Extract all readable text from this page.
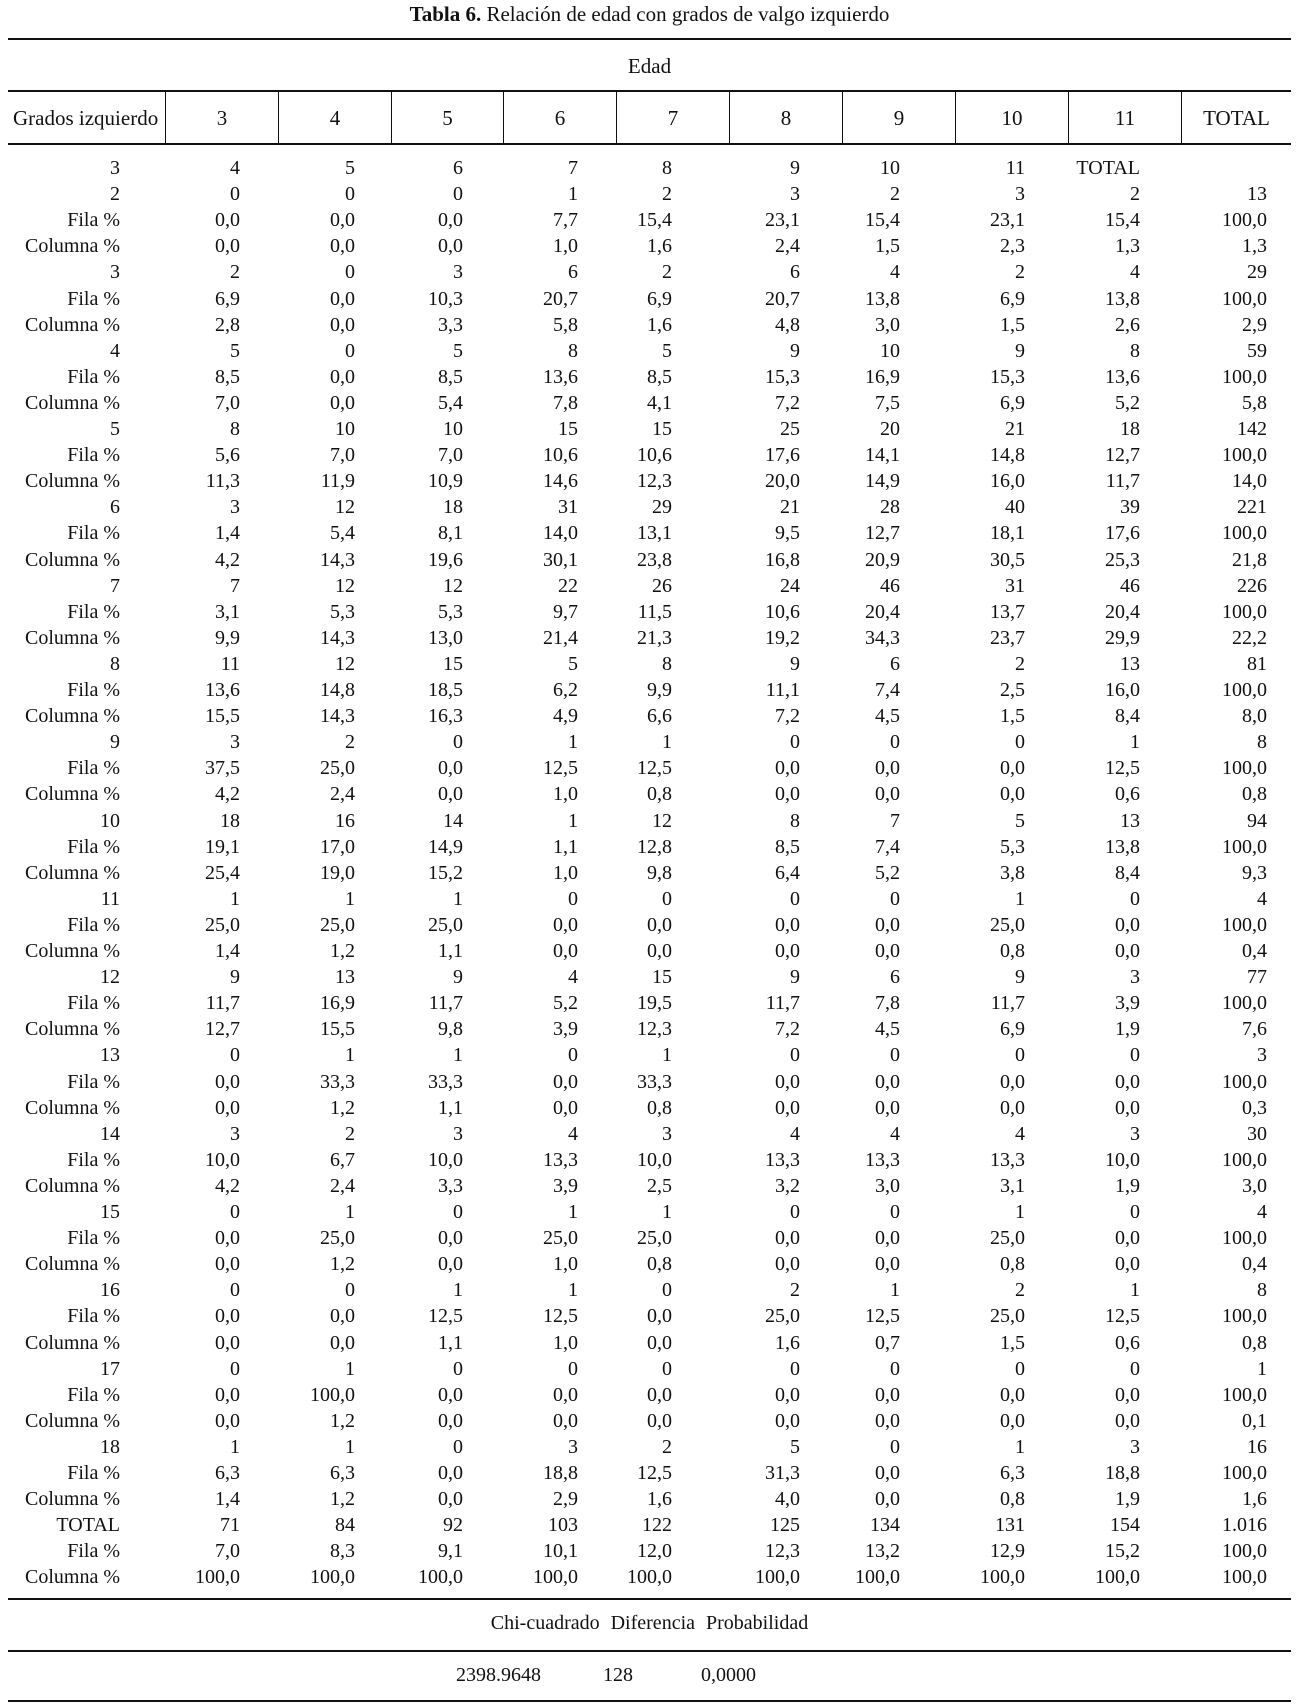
Tabla 6. Relación de edad con grados de valgo izquierdo
Edad
Grados izquierdo	3	4	5	6	7	8	9	10	11	TOTAL
3	4	5	6	7	8	9	10	11	TOTAL
2	0	0	0	1	2	3	2	3	2	13
Fila %	0,0	0,0	0,0	7,7	15,4	23,1	15,4	23,1	15,4	100,0
Columna %	0,0	0,0	0,0	1,0	1,6	2,4	1,5	2,3	1,3	1,3
3	2	0	3	6	2	6	4	2	4	29
Fila %	6,9	0,0	10,3	20,7	6,9	20,7	13,8	6,9	13,8	100,0
Columna %	2,8	0,0	3,3	5,8	1,6	4,8	3,0	1,5	2,6	2,9
4	5	0	5	8	5	9	10	9	8	59
Fila %	8,5	0,0	8,5	13,6	8,5	15,3	16,9	15,3	13,6	100,0
Columna %	7,0	0,0	5,4	7,8	4,1	7,2	7,5	6,9	5,2	5,8
5	8	10	10	15	15	25	20	21	18	142
Fila %	5,6	7,0	7,0	10,6	10,6	17,6	14,1	14,8	12,7	100,0
Columna %	11,3	11,9	10,9	14,6	12,3	20,0	14,9	16,0	11,7	14,0
6	3	12	18	31	29	21	28	40	39	221
Fila %	1,4	5,4	8,1	14,0	13,1	9,5	12,7	18,1	17,6	100,0
Columna %	4,2	14,3	19,6	30,1	23,8	16,8	20,9	30,5	25,3	21,8
7	7	12	12	22	26	24	46	31	46	226
Fila %	3,1	5,3	5,3	9,7	11,5	10,6	20,4	13,7	20,4	100,0
Columna %	9,9	14,3	13,0	21,4	21,3	19,2	34,3	23,7	29,9	22,2
8	11	12	15	5	8	9	6	2	13	81
Fila %	13,6	14,8	18,5	6,2	9,9	11,1	7,4	2,5	16,0	100,0
Columna %	15,5	14,3	16,3	4,9	6,6	7,2	4,5	1,5	8,4	8,0
9	3	2	0	1	1	0	0	0	1	8
Fila %	37,5	25,0	0,0	12,5	12,5	0,0	0,0	0,0	12,5	100,0
Columna %	4,2	2,4	0,0	1,0	0,8	0,0	0,0	0,0	0,6	0,8
10	18	16	14	1	12	8	7	5	13	94
Fila %	19,1	17,0	14,9	1,1	12,8	8,5	7,4	5,3	13,8	100,0
Columna %	25,4	19,0	15,2	1,0	9,8	6,4	5,2	3,8	8,4	9,3
11	1	1	1	0	0	0	0	1	0	4
Fila %	25,0	25,0	25,0	0,0	0,0	0,0	0,0	25,0	0,0	100,0
Columna %	1,4	1,2	1,1	0,0	0,0	0,0	0,0	0,8	0,0	0,4
12	9	13	9	4	15	9	6	9	3	77
Fila %	11,7	16,9	11,7	5,2	19,5	11,7	7,8	11,7	3,9	100,0
Columna %	12,7	15,5	9,8	3,9	12,3	7,2	4,5	6,9	1,9	7,6
13	0	1	1	0	1	0	0	0	0	3
Fila %	0,0	33,3	33,3	0,0	33,3	0,0	0,0	0,0	0,0	100,0
Columna %	0,0	1,2	1,1	0,0	0,8	0,0	0,0	0,0	0,0	0,3
14	3	2	3	4	3	4	4	4	3	30
Fila %	10,0	6,7	10,0	13,3	10,0	13,3	13,3	13,3	10,0	100,0
Columna %	4,2	2,4	3,3	3,9	2,5	3,2	3,0	3,1	1,9	3,0
15	0	1	0	1	1	0	0	1	0	4
Fila %	0,0	25,0	0,0	25,0	25,0	0,0	0,0	25,0	0,0	100,0
Columna %	0,0	1,2	0,0	1,0	0,8	0,0	0,0	0,8	0,0	0,4
16	0	0	1	1	0	2	1	2	1	8
Fila %	0,0	0,0	12,5	12,5	0,0	25,0	12,5	25,0	12,5	100,0
Columna %	0,0	0,0	1,1	1,0	0,0	1,6	0,7	1,5	0,6	0,8
17	0	1	0	0	0	0	0	0	0	1
Fila %	0,0	100,0	0,0	0,0	0,0	0,0	0,0	0,0	0,0	100,0
Columna %	0,0	1,2	0,0	0,0	0,0	0,0	0,0	0,0	0,0	0,1
18	1	1	0	3	2	5	0	1	3	16
Fila %	6,3	6,3	0,0	18,8	12,5	31,3	0,0	6,3	18,8	100,0
Columna %	1,4	1,2	0,0	2,9	1,6	4,0	0,0	0,8	1,9	1,6
TOTAL	71	84	92	103	122	125	134	131	154	1.016
Fila %	7,0	8,3	9,1	10,1	12,0	12,3	13,2	12,9	15,2	100,0
Columna %	100,0	100,0	100,0	100,0 100,0	100,0	100,0	100,0	100,0	100,0
Chi-cuadrado Diferencia Probabilidad
2398.9648	128	0,0000
